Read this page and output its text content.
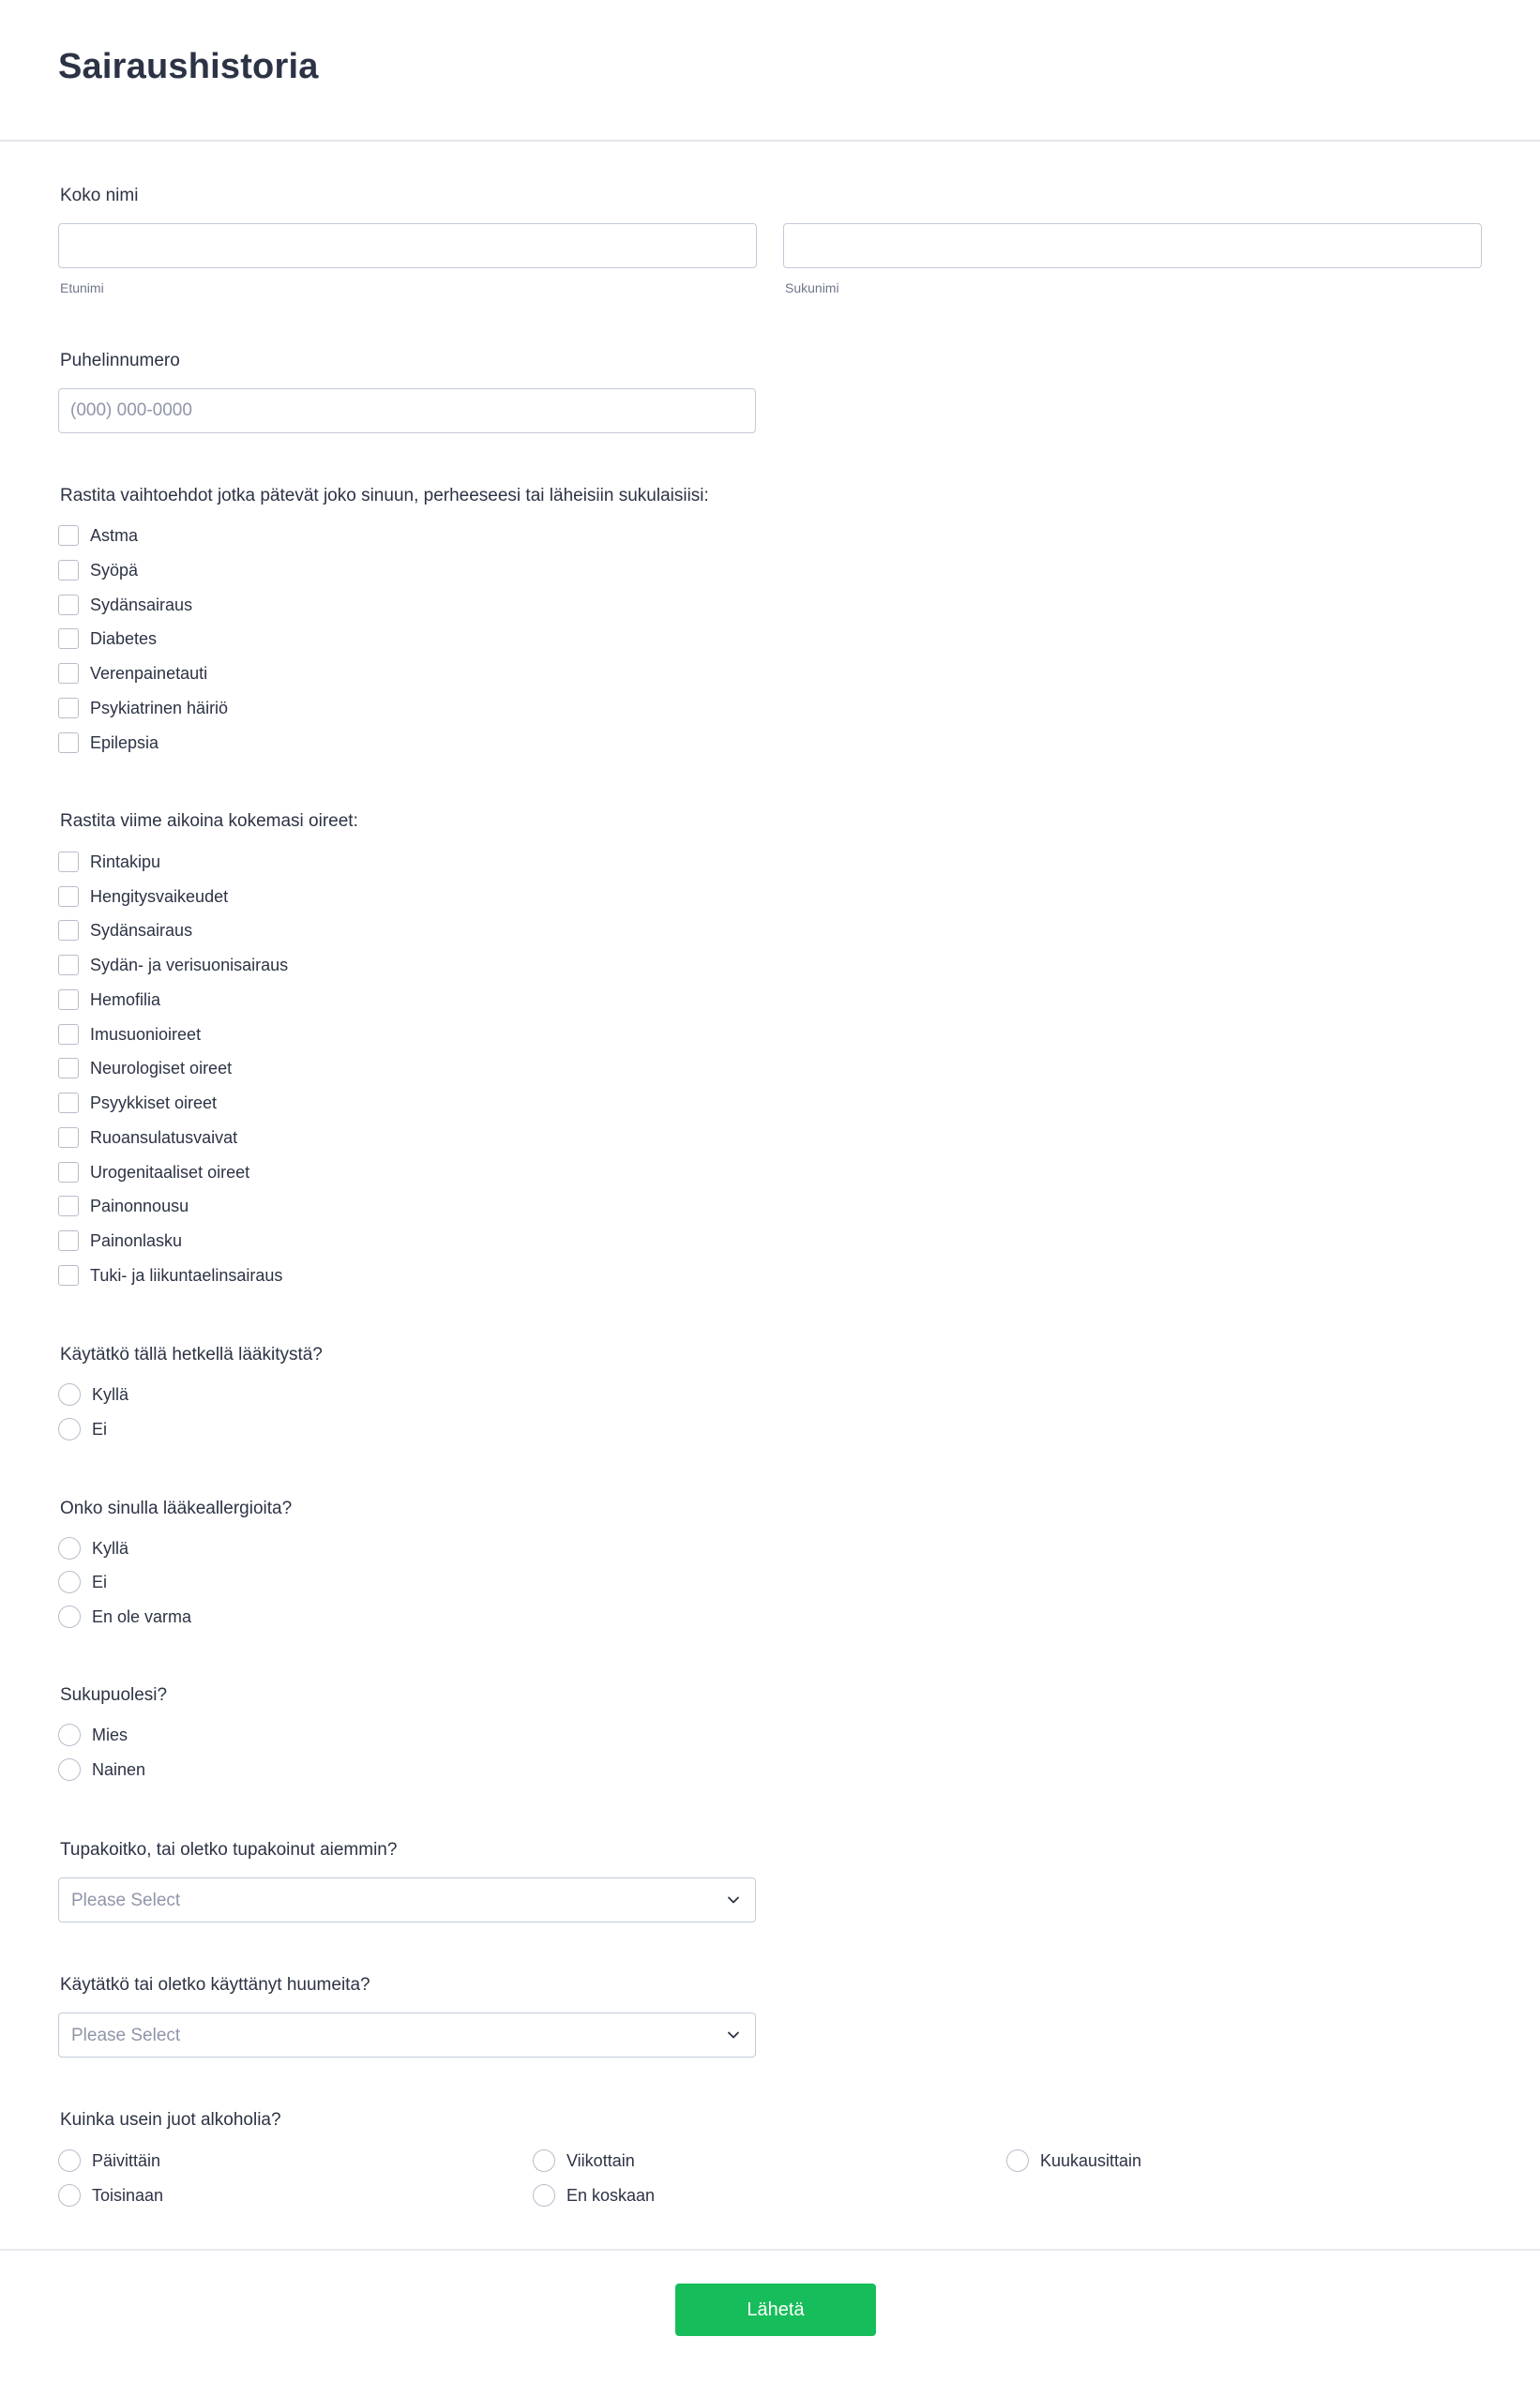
Sairaushistoria
Koko nimi
Etunimi	Sukunimi
Puhelinnumero
(000) 000-0000
Rastita vaihtoehdot jotka pätevät joko sinuun, perheeseesi tai läheisiin sukulaisiisi:
Astma
Syöpä
Sydänsairaus
Diabetes
Verenpainetauti
Psykiatrinen häiriö
Epilepsia
Rastita viime aikoina kokemasi oireet:
Rintakipu
Hengitysvaikeudet
Sydänsairaus
Sydän- ja verisuonisairaus
Hemofilia
Imusuonioireet
Neurologiset oireet
Psyykkiset oireet
Ruoansulatusvaivat
Urogenitaaliset oireet
Painonnousu
Painonlasku
Tuki- ja liikuntaelinsairaus
Käytätkö tällä hetkellä lääkitystä?
Kyllä
Ei
Onko sinulla lääkeallergioita?
Kyllä
Ei
En ole varma
Sukupuolesi?
Mies
Nainen
Tupakoitko, tai oletko tupakoinut aiemmin?
Please Select
Käytätkö tai oletko käyttänyt huumeita?
Please Select
Kuinka usein juot alkoholia?
Päivittäin	Viikottain	Kuukausittain
Toisinaan	En koskaan
Lähetä
